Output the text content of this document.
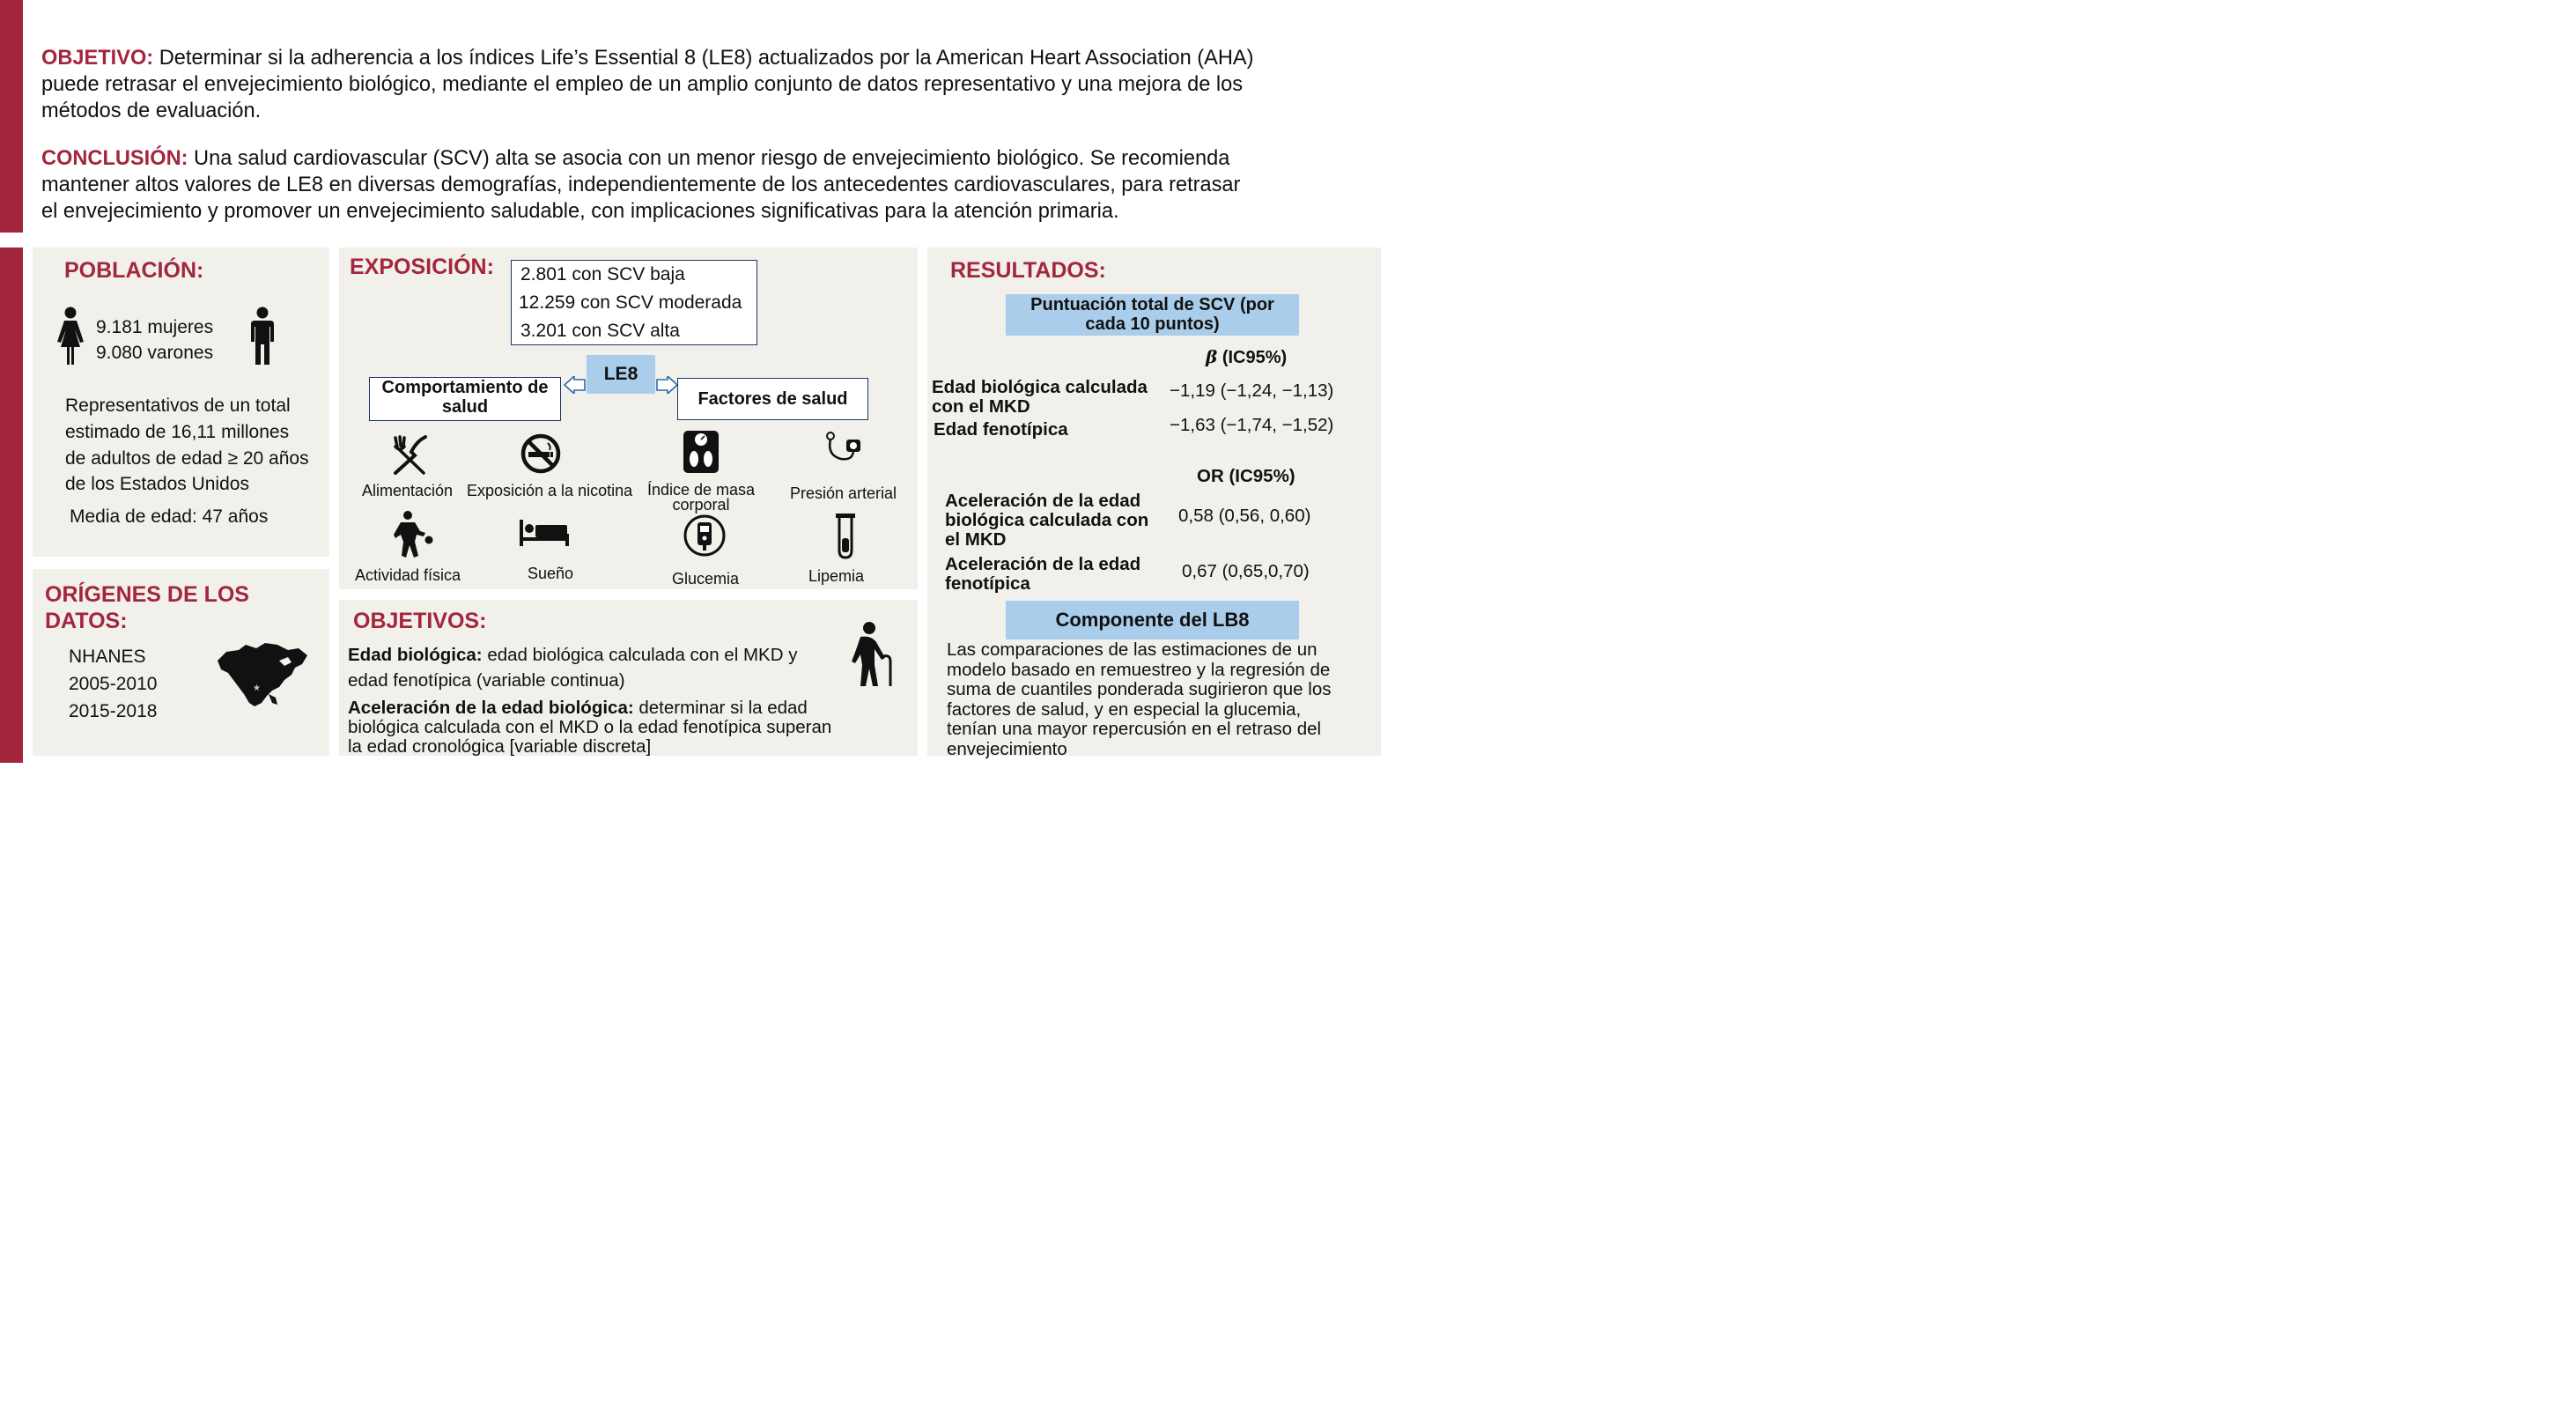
OBJETIVO: Determinar si la adherencia a los índices Life’s Essential 8 (LE8) actualizados por la American Heart Association (AHA)

puede retrasar el envejecimiento biológico, mediante el empleo de un amplio conjunto de datos representativo y una mejora de los

métodos de evaluación.

CONCLUSIÓN: Una salud cardiovascular (SCV) alta se asocia con un menor riesgo de envejecimiento biológico. Se recomienda

mantener altos valores de LE8 en diversas demografías, independientemente de los antecedentes cardiovasculares, para retrasar

el envejecimiento y promover un envejecimiento saludable, con implicaciones significativas para la atención primaria.

POBLACIÓN:
9.181 mujeres
9.080 varones
Representativos de un total
estimado de 16,11 millones
de adultos de edad ≥ 20 años
de los Estados Unidos
Media de edad: 47 años
ORÍGENES DE LOS
DATOS:
NHANES
2005-2010
2015-2018
★
EXPOSICIÓN:	2.801 con SCV baja
12.259 con SCV moderada
3.201 con SCV alta
LE8
Comportamiento de
salud	Factores de salud
Alimentación Exposición a la nicotina Índice de masa
corporal
Presión arterial
Actividad física	Sueño	Glucemia	Lipemia
OBJETIVOS:
Edad biológica: edad biológica calculada con el MKD y
edad fenotípica (variable continua)
Aceleración de la edad biológica: determinar si la edad
biológica calculada con el MKD o la edad fenotípica superan
la edad cronológica [variable discreta]
RESULTADOS:
Puntuación total de SCV (por
cada 10 puntos)
β (IC95%)
Edad biológica calculada
con el MKD
−1,19 (−1,24, −1,13)
Edad fenotípica	−1,63 (−1,74, −1,52)
OR (IC95%)
Aceleración de la edad
biológica calculada con
el MKD
0,58 (0,56, 0,60)
Aceleración de la edad
fenotípica
0,67 (0,65,0,70)
Componente del LB8
Las comparaciones de las estimaciones de un
modelo basado en remuestreo y la regresión de
suma de cuantiles ponderada sugirieron que los
factores de salud, y en especial la glucemia,
tenían una mayor repercusión en el retraso del
envejecimiento
